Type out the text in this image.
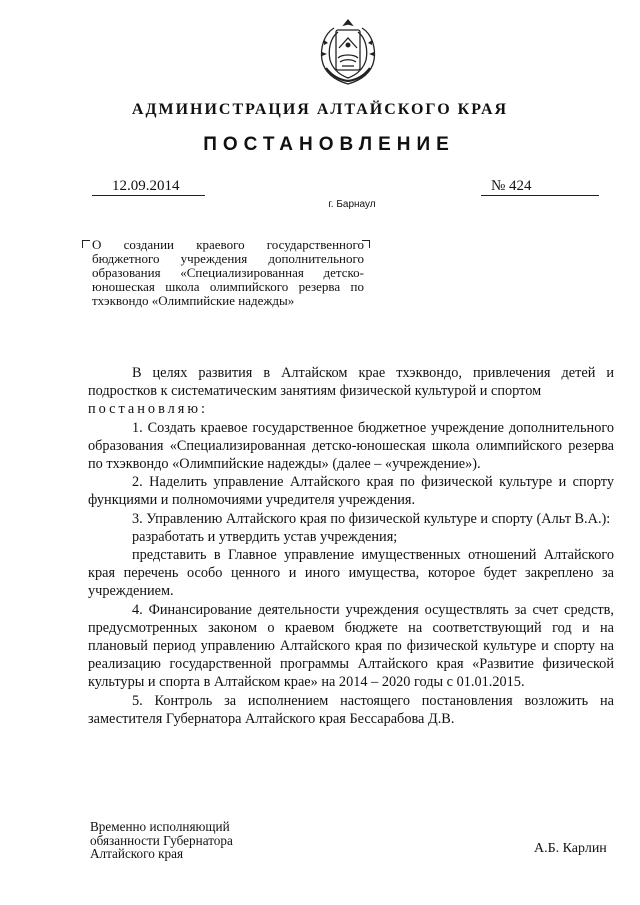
АДМИНИСТРАЦИЯ АЛТАЙСКОГО КРАЯ
ПОСТАНОВЛЕНИЕ
12.09.2014	№ 424
г. Барнаул
О создании краевого государственного бюджетного учреждения дополнительного образования «Специализированная детско-юношеская школа олимпийского резерва по тхэквондо «Олимпийские надежды»

В целях развития в Алтайском крае тхэквондо, привлечения детей и подростков к систематическим занятиям физической культурой и спортом

постановляю:

1. Создать краевое государственное бюджетное учреждение дополнительного образования «Специализированная детско-юношеская школа олимпийского резерва по тхэквондо «Олимпийские надежды» (далее – «учреждение»).

2. Наделить управление Алтайского края по физической культуре и спорту функциями и полномочиями учредителя учреждения.

3. Управлению Алтайского края по физической культуре и спорту (Альт В.А.):

разработать и утвердить устав учреждения;

представить в Главное управление имущественных отношений Алтайского края перечень особо ценного и иного имущества, которое будет закреплено за учреждением.

4. Финансирование деятельности учреждения осуществлять за счет средств, предусмотренных законом о краевом бюджете на соответствующий год и на плановый период управлению Алтайского края по физической культуре и спорту на реализацию государственной программы Алтайского края «Развитие физической культуры и спорта в Алтайском крае» на 2014 – 2020 годы с 01.01.2015.

5. Контроль за исполнением настоящего постановления возложить на заместителя Губернатора Алтайского края Бессарабова Д.В.

Временно исполняющий
обязанности Губернатора
Алтайского края	А.Б. Карлин
